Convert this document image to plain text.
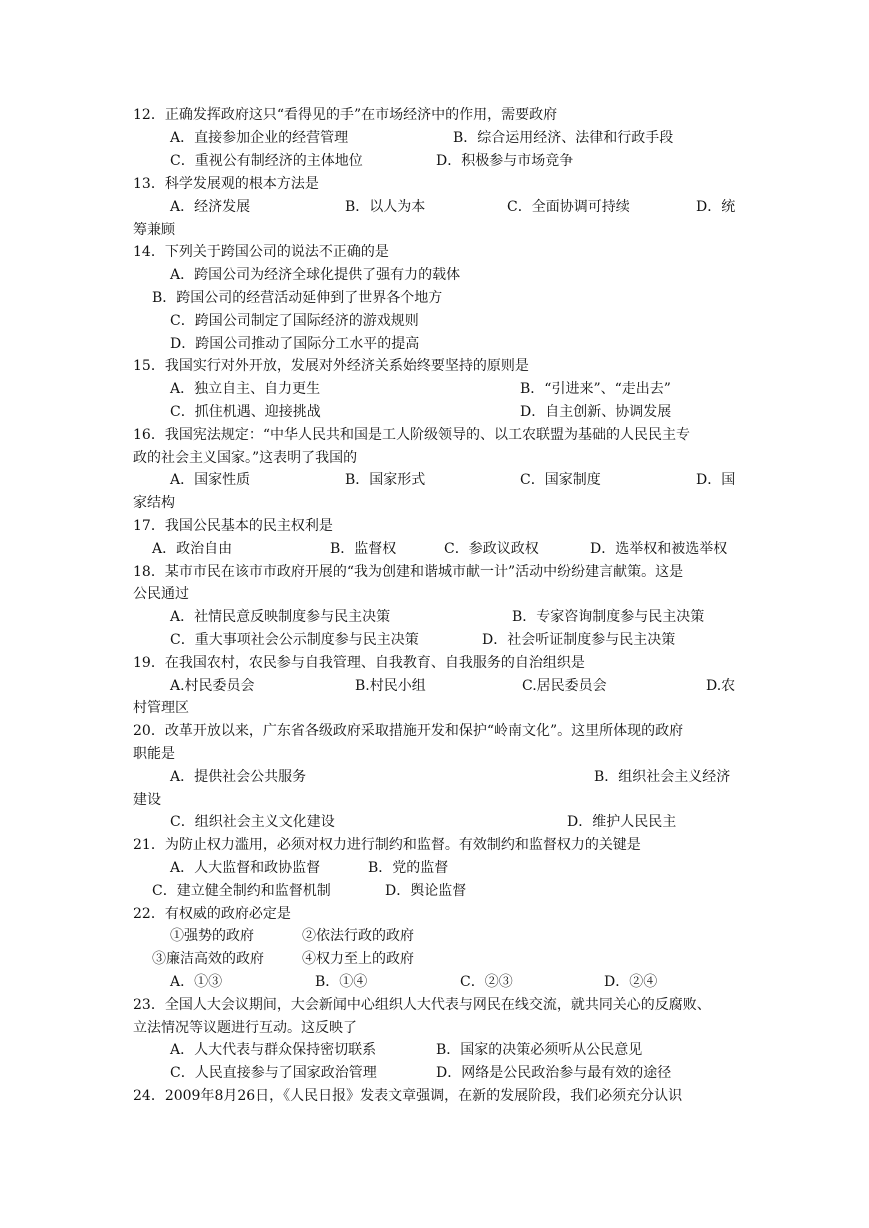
12．正确发挥政府这只“看得见的手”在市场经济中的作用，需要政府
A．直接参加企业的经营管理	B．综合运用经济、法律和行政手段
C．重视公有制经济的主体地位	D．积极参与市场竞争
13．科学发展观的根本方法是
A．经济发展	B．以人为本	C．全面协调可持续	D．统
筹兼顾
14．下列关于跨国公司的说法不正确的是
A．跨国公司为经济全球化提供了强有力的载体
B．跨国公司的经营活动延伸到了世界各个地方
C．跨国公司制定了国际经济的游戏规则
D．跨国公司推动了国际分工水平的提高
15．我国实行对外开放，发展对外经济关系始终要坚持的原则是
A．独立自主、自力更生	B．“引进来”、“走出去”
C．抓住机遇、迎接挑战	D．自主创新、协调发展
16．我国宪法规定：“中华人民共和国是工人阶级领导的、以工农联盟为基础的人民民主专
政的社会主义国家。”这表明了我国的
A．国家性质	B．国家形式	C．国家制度	D．国
家结构
17．我国公民基本的民主权利是
A．政治自由	B．监督权	C．参政议政权	D．选举权和被选举权
18．某市市民在该市市政府开展的“我为创建和谐城市献一计”活动中纷纷建言献策。这是
公民通过
A．社情民意反映制度参与民主决策	B．专家咨询制度参与民主决策
C．重大事项社会公示制度参与民主决策	D．社会听证制度参与民主决策
19．在我国农村，农民参与自我管理、自我教育、自我服务的自治组织是
A.村民委员会	B.村民小组	C.居民委员会	D.农
村管理区
20．改革开放以来，广东省各级政府采取措施开发和保护“岭南文化”。这里所体现的政府
职能是
A．提供社会公共服务	B．组织社会主义经济
建设
C．组织社会主义文化建设	D．维护人民民主
21．为防止权力滥用，必须对权力进行制约和监督。有效制约和监督权力的关键是
A．人大监督和政协监督	B．党的监督
C．建立健全制约和监督机制	D．舆论监督
22．有权威的政府必定是
①强势的政府	②依法行政的政府
③廉洁高效的政府	④权力至上的政府
A．①③	B．①④	C．②③	D．②④
23．全国人大会议期间，大会新闻中心组织人大代表与网民在线交流，就共同关心的反腐败、
立法情况等议题进行互动。这反映了
A．人大代表与群众保持密切联系	B．国家的决策必须听从公民意见
C．人民直接参与了国家政治管理	D．网络是公民政治参与最有效的途径
24．2009年8月26日，《人民日报》发表文章强调，在新的发展阶段，我们必须充分认识
